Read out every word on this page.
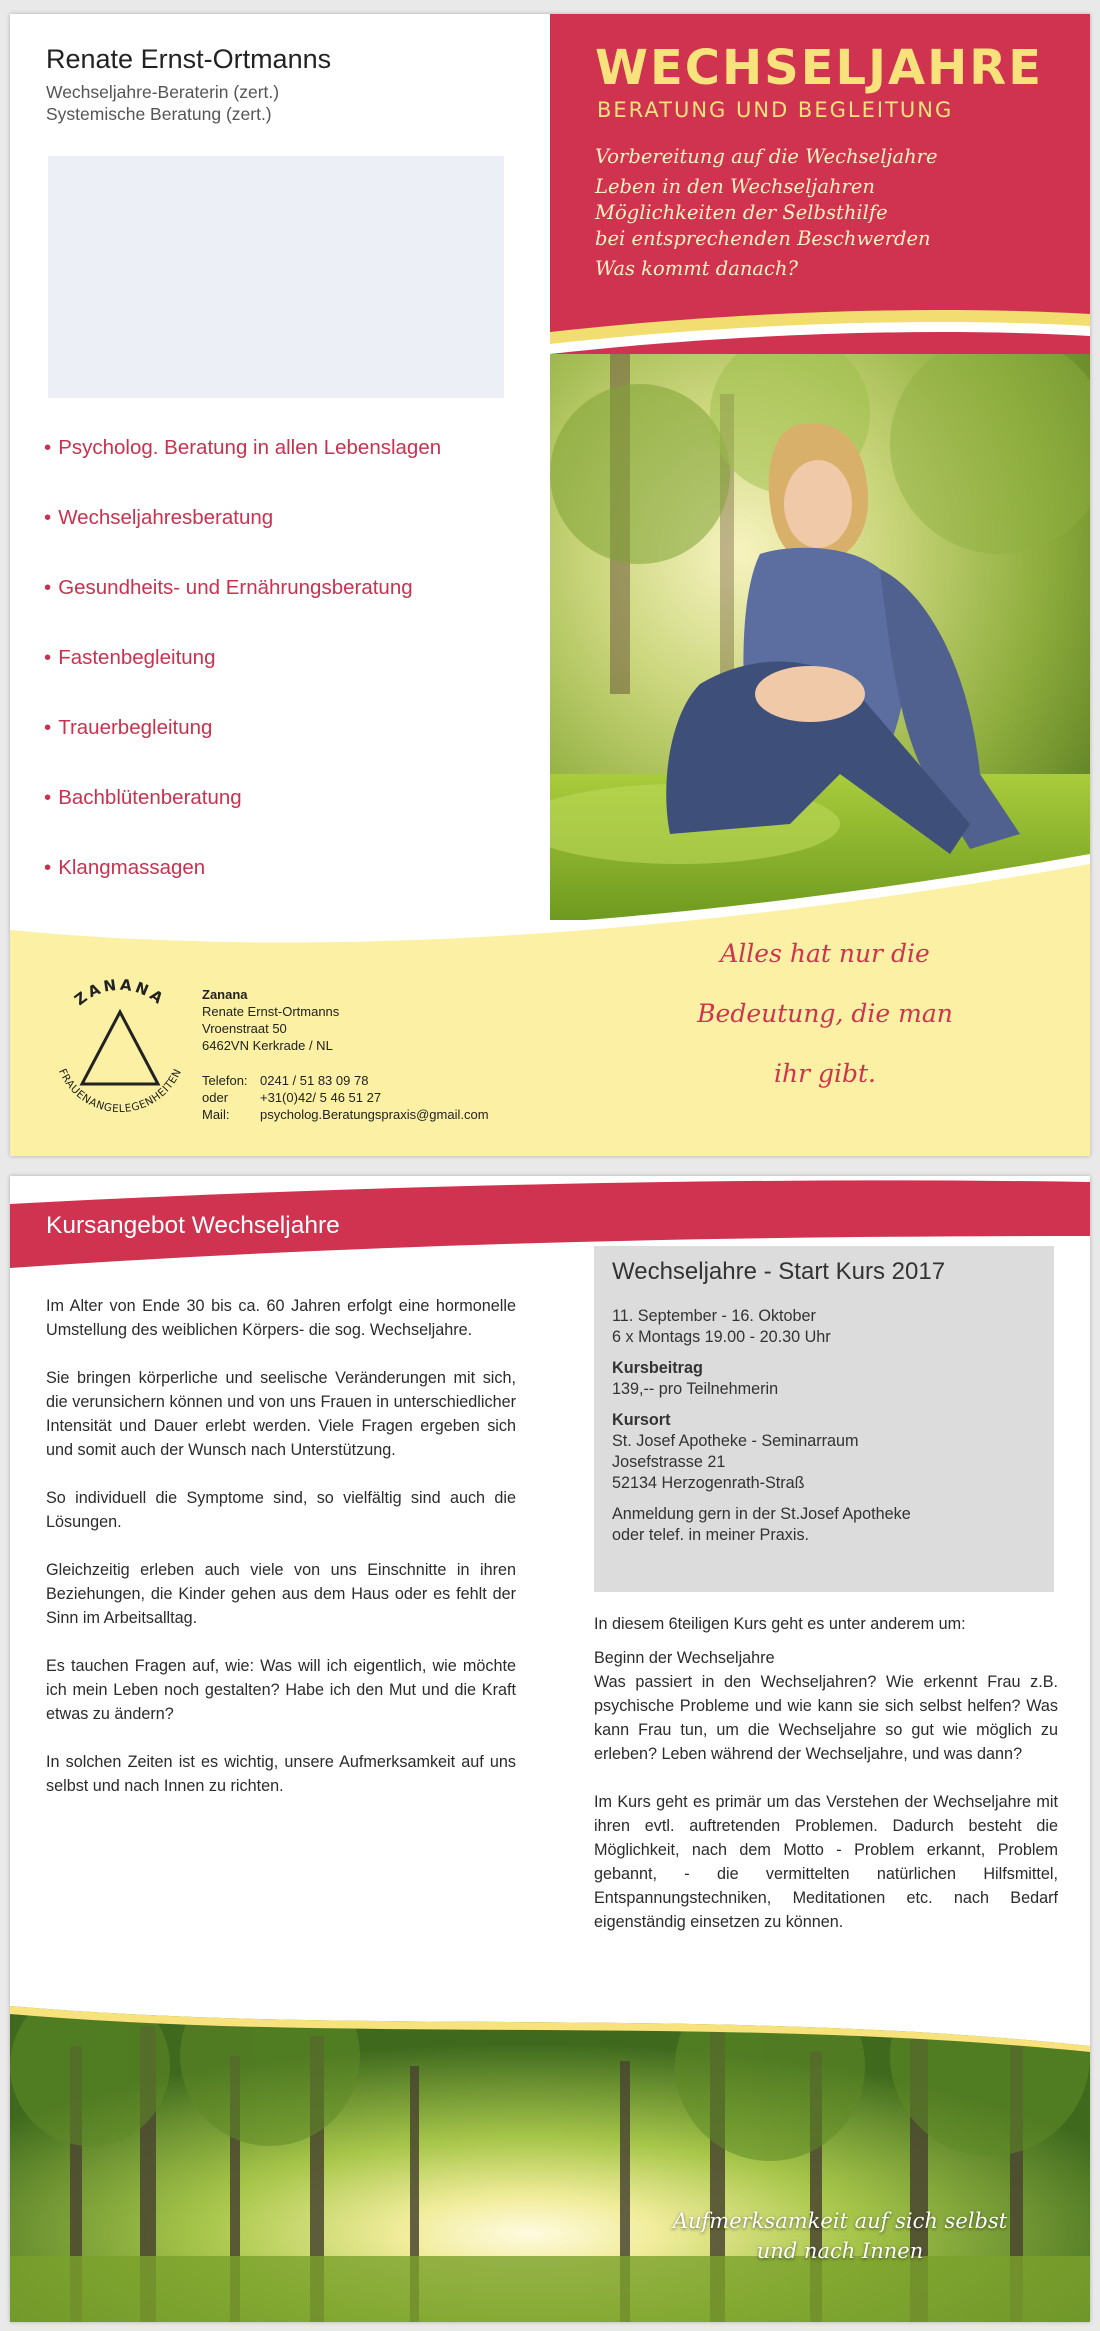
Renate Ernst-Ortmanns
Wechseljahre-Beraterin (zert.)
Systemische Beratung (zert.)
• Psycholog. Beratung in allen Lebenslagen
• Wechseljahresberatung
• Gesundheits- und Ernährungsberatung
• Fastenbegleitung
• Trauerbegleitung
• Bachblütenberatung
• Klangmassagen
WECHSELJAHRE
BERATUNG UND BEGLEITUNG
Vorbereitung auf die Wechseljahre
Leben in den Wechseljahren
Möglichkeiten der Selbsthilfe
bei entsprechenden Beschwerden
Was kommt danach?
Alles hat nur die
Bedeutung, die man
ihr gibt.
ZANANA
FRAUENANGELEGENHEITEN
Zanana
Renate Ernst-Ortmanns
Vroenstraat 50
6462VN Kerkrade / NL
Telefon: 0241 / 51 83 09 78
oder +31(0)42/ 5 46 51 27
Mail: psycholog.Beratungspraxis@gmail.com
Kursangebot Wechseljahre

Im Alter von Ende 30 bis ca. 60 Jahren erfolgt eine hormonelle Umstellung des weiblichen Körpers- die sog. Wechseljahre.

Sie bringen körperliche und seelische Veränderungen mit sich, die verunsichern können und von uns Frauen in unterschiedlicher Intensität und Dauer erlebt werden. Viele Fragen ergeben sich und somit auch der Wunsch nach Unterstützung.

So individuell die Symptome sind, so vielfältig sind auch die Lösungen.

Gleichzeitig erleben auch viele von uns Einschnitte in ihren Beziehungen, die Kinder gehen aus dem Haus oder es fehlt der Sinn im Arbeitsalltag.

Es tauchen Fragen auf, wie: Was will ich eigentlich, wie möchte ich mein Leben noch gestalten? Habe ich den Mut und die Kraft etwas zu ändern?

In solchen Zeiten ist es wichtig, unsere Aufmerksamkeit auf uns selbst und nach Innen zu richten.

Wechseljahre - Start Kurs 2017
11. September - 16. Oktober
6 x Montags 19.00 - 20.30 Uhr
Kursbeitrag
139,-- pro Teilnehmerin
Kursort
St. Josef Apotheke - Seminarraum
Josefstrasse 21
52134 Herzogenrath-Straß
Anmeldung gern in der St.Josef Apotheke
oder telef. in meiner Praxis.

In diesem 6teiligen Kurs geht es unter anderem um:

Beginn der Wechseljahre
Was passiert in den Wechseljahren? Wie erkennt Frau z.B. psychische Probleme und wie kann sie sich selbst helfen? Was kann Frau tun, um die Wechseljahre so gut wie möglich zu erleben? Leben während der Wechseljahre, und was dann?

Im Kurs geht es primär um das Verstehen der Wechseljahre mit ihren evtl. auftretenden Problemen. Dadurch besteht die Möglichkeit, nach dem Motto - Problem erkannt, Problem gebannt, - die vermittelten natürlichen Hilfsmittel, Entspannungstechniken, Meditationen etc. nach Bedarf eigenständig einsetzen zu können.

Aufmerksamkeit auf sich selbst
und nach Innen
